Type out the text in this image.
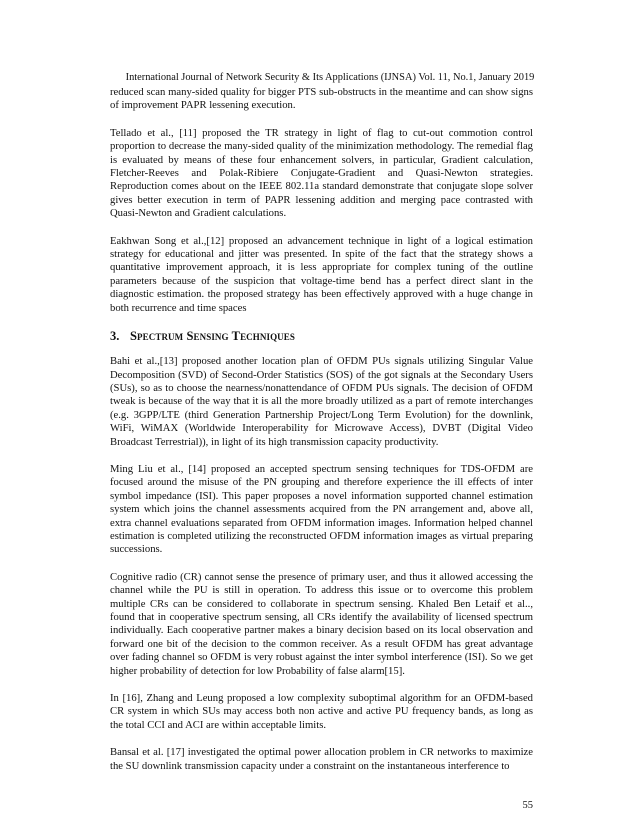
International Journal of Network Security & Its Applications (IJNSA) Vol. 11, No.1, January 2019

reduced scan many-sided quality for bigger PTS sub-obstructs in the meantime and can show signs of improvement PAPR lessening execution.

Tellado et al., [11] proposed the TR strategy in light of flag to cut-out commotion control proportion to decrease the many-sided quality of the minimization methodology. The remedial flag is evaluated by means of these four enhancement solvers, in particular, Gradient calculation, Fletcher-Reeves and Polak-Ribiere Conjugate-Gradient and Quasi-Newton strategies. Reproduction comes about on the IEEE 802.11a standard demonstrate that conjugate slope solver gives better execution in term of PAPR lessening addition and merging pace contrasted with Quasi-Newton and Gradient calculations.

Eakhwan Song et al.,[12] proposed an advancement technique in light of a logical estimation strategy for educational and jitter was presented. In spite of the fact that the strategy shows a quantitative improvement approach, it is less appropriate for complex tuning of the outline parameters because of the suspicion that voltage-time bend has a perfect direct slant in the diagnostic estimation. the proposed strategy has been effectively approved with a huge change in both recurrence and time spaces

3. Spectrum Sensing Techniques

Bahi et al.,[13] proposed another location plan of OFDM PUs signals utilizing Singular Value Decomposition (SVD) of Second-Order Statistics (SOS) of the got signals at the Secondary Users (SUs), so as to choose the nearness/nonattendance of OFDM PUs signals. The decision of OFDM tweak is because of the way that it is all the more broadly utilized as a part of remote interchanges (e.g. 3GPP/LTE (third Generation Partnership Project/Long Term Evolution) for the downlink, WiFi, WiMAX (Worldwide Interoperability for Microwave Access), DVBT (Digital Video Broadcast Terrestrial)), in light of its high transmission capacity productivity.

Ming Liu et al., [14] proposed an accepted spectrum sensing techniques for TDS-OFDM are focused around the misuse of the PN grouping and therefore experience the ill effects of inter symbol impedance (ISI). This paper proposes a novel information supported channel estimation system which joins the channel assessments acquired from the PN arrangement and, above all, extra channel evaluations separated from OFDM information images. Information helped channel estimation is completed utilizing the reconstructed OFDM information images as virtual preparing successions.

Cognitive radio (CR) cannot sense the presence of primary user, and thus it allowed accessing the channel while the PU is still in operation. To address this issue or to overcome this problem multiple CRs can be considered to collaborate in spectrum sensing. Khaled Ben Letaif et al.., found that in cooperative spectrum sensing, all CRs identify the availability of licensed spectrum individually. Each cooperative partner makes a binary decision based on its local observation and forward one bit of the decision to the common receiver. As a result OFDM has great advantage over fading channel so OFDM is very robust against the inter symbol interference (ISI). So we get higher probability of detection for low Probability of false alarm[15].

In [16], Zhang and Leung proposed a low complexity suboptimal algorithm for an OFDM-based CR system in which SUs may access both non active and active PU frequency bands, as long as the total CCI and ACI are within acceptable limits.

Bansal et al. [17] investigated the optimal power allocation problem in CR networks to maximize the SU downlink transmission capacity under a constraint on the instantaneous interference to

55
